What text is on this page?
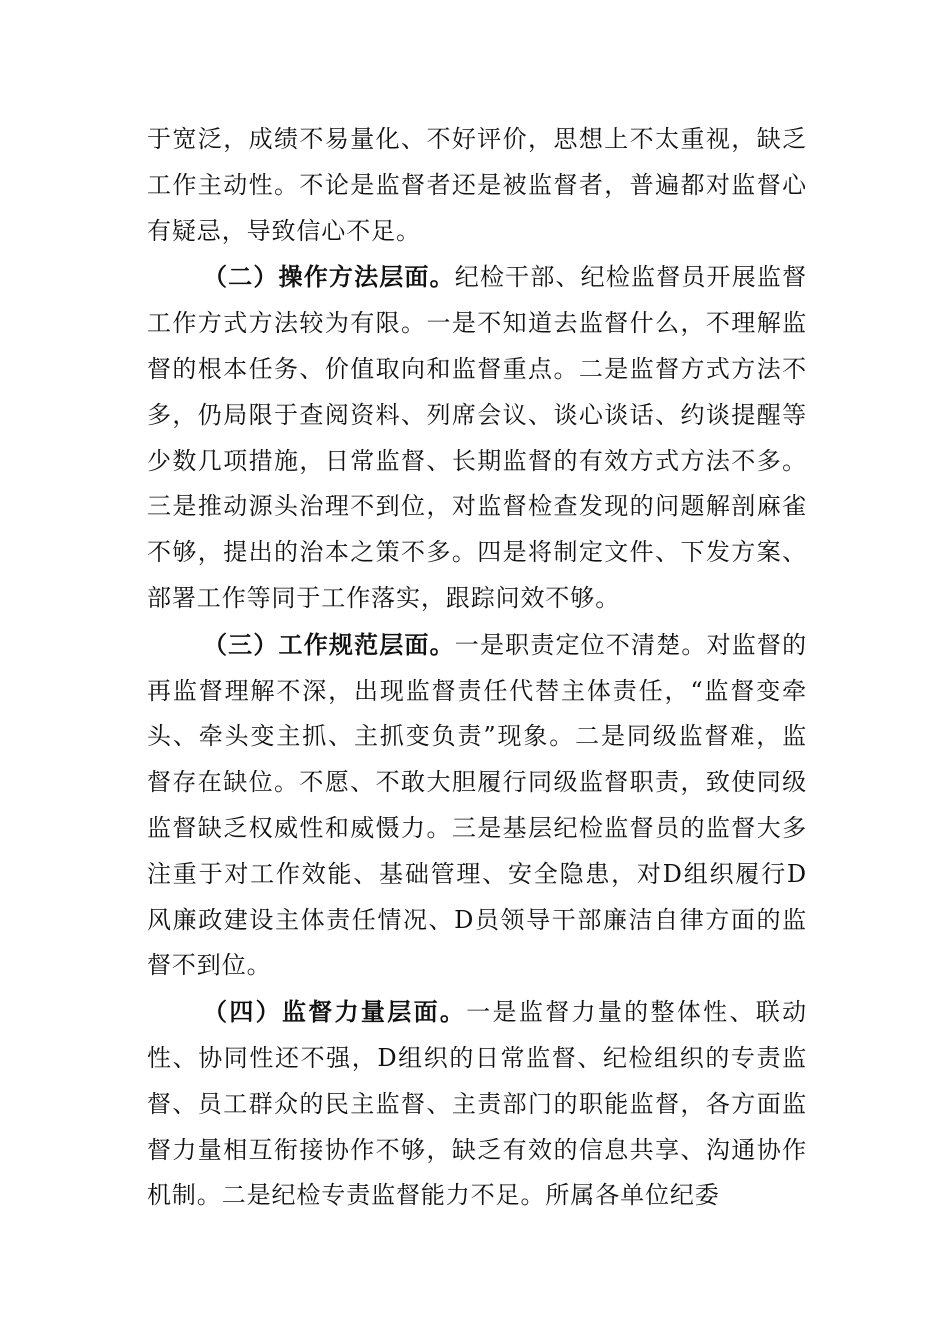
于宽泛，成绩不易量化、不好评价，思想上不太重视，缺乏工作主动性。不论是监督者还是被监督者，普遍都对监督心有疑忌，导致信心不足。

（二）操作方法层面。纪检干部、纪检监督员开展监督工作方式方法较为有限。一是不知道去监督什么，不理解监督的根本任务、价值取向和监督重点。二是监督方式方法不多，仍局限于查阅资料、列席会议、谈心谈话、约谈提醒等少数几项措施，日常监督、长期监督的有效方式方法不多。三是推动源头治理不到位，对监督检查发现的问题解剖麻雀不够，提出的治本之策不多。四是将制定文件、下发方案、部署工作等同于工作落实，跟踪问效不够。

（三）工作规范层面。一是职责定位不清楚。对监督的再监督理解不深，出现监督责任代替主体责任，“监督变牵头、牵头变主抓、主抓变负责”现象。二是同级监督难，监督存在缺位。不愿、不敢大胆履行同级监督职责，致使同级监督缺乏权威性和威慑力。三是基层纪检监督员的监督大多注重于对工作效能、基础管理、安全隐患，对D组织履行D风廉政建设主体责任情况、D员领导干部廉洁自律方面的监督不到位。

（四）监督力量层面。一是监督力量的整体性、联动性、协同性还不强，D组织的日常监督、纪检组织的专责监督、员工群众的民主监督、主责部门的职能监督，各方面监督力量相互衔接协作不够，缺乏有效的信息共享、沟通协作机制。二是纪检专责监督能力不足。所属各单位纪委
